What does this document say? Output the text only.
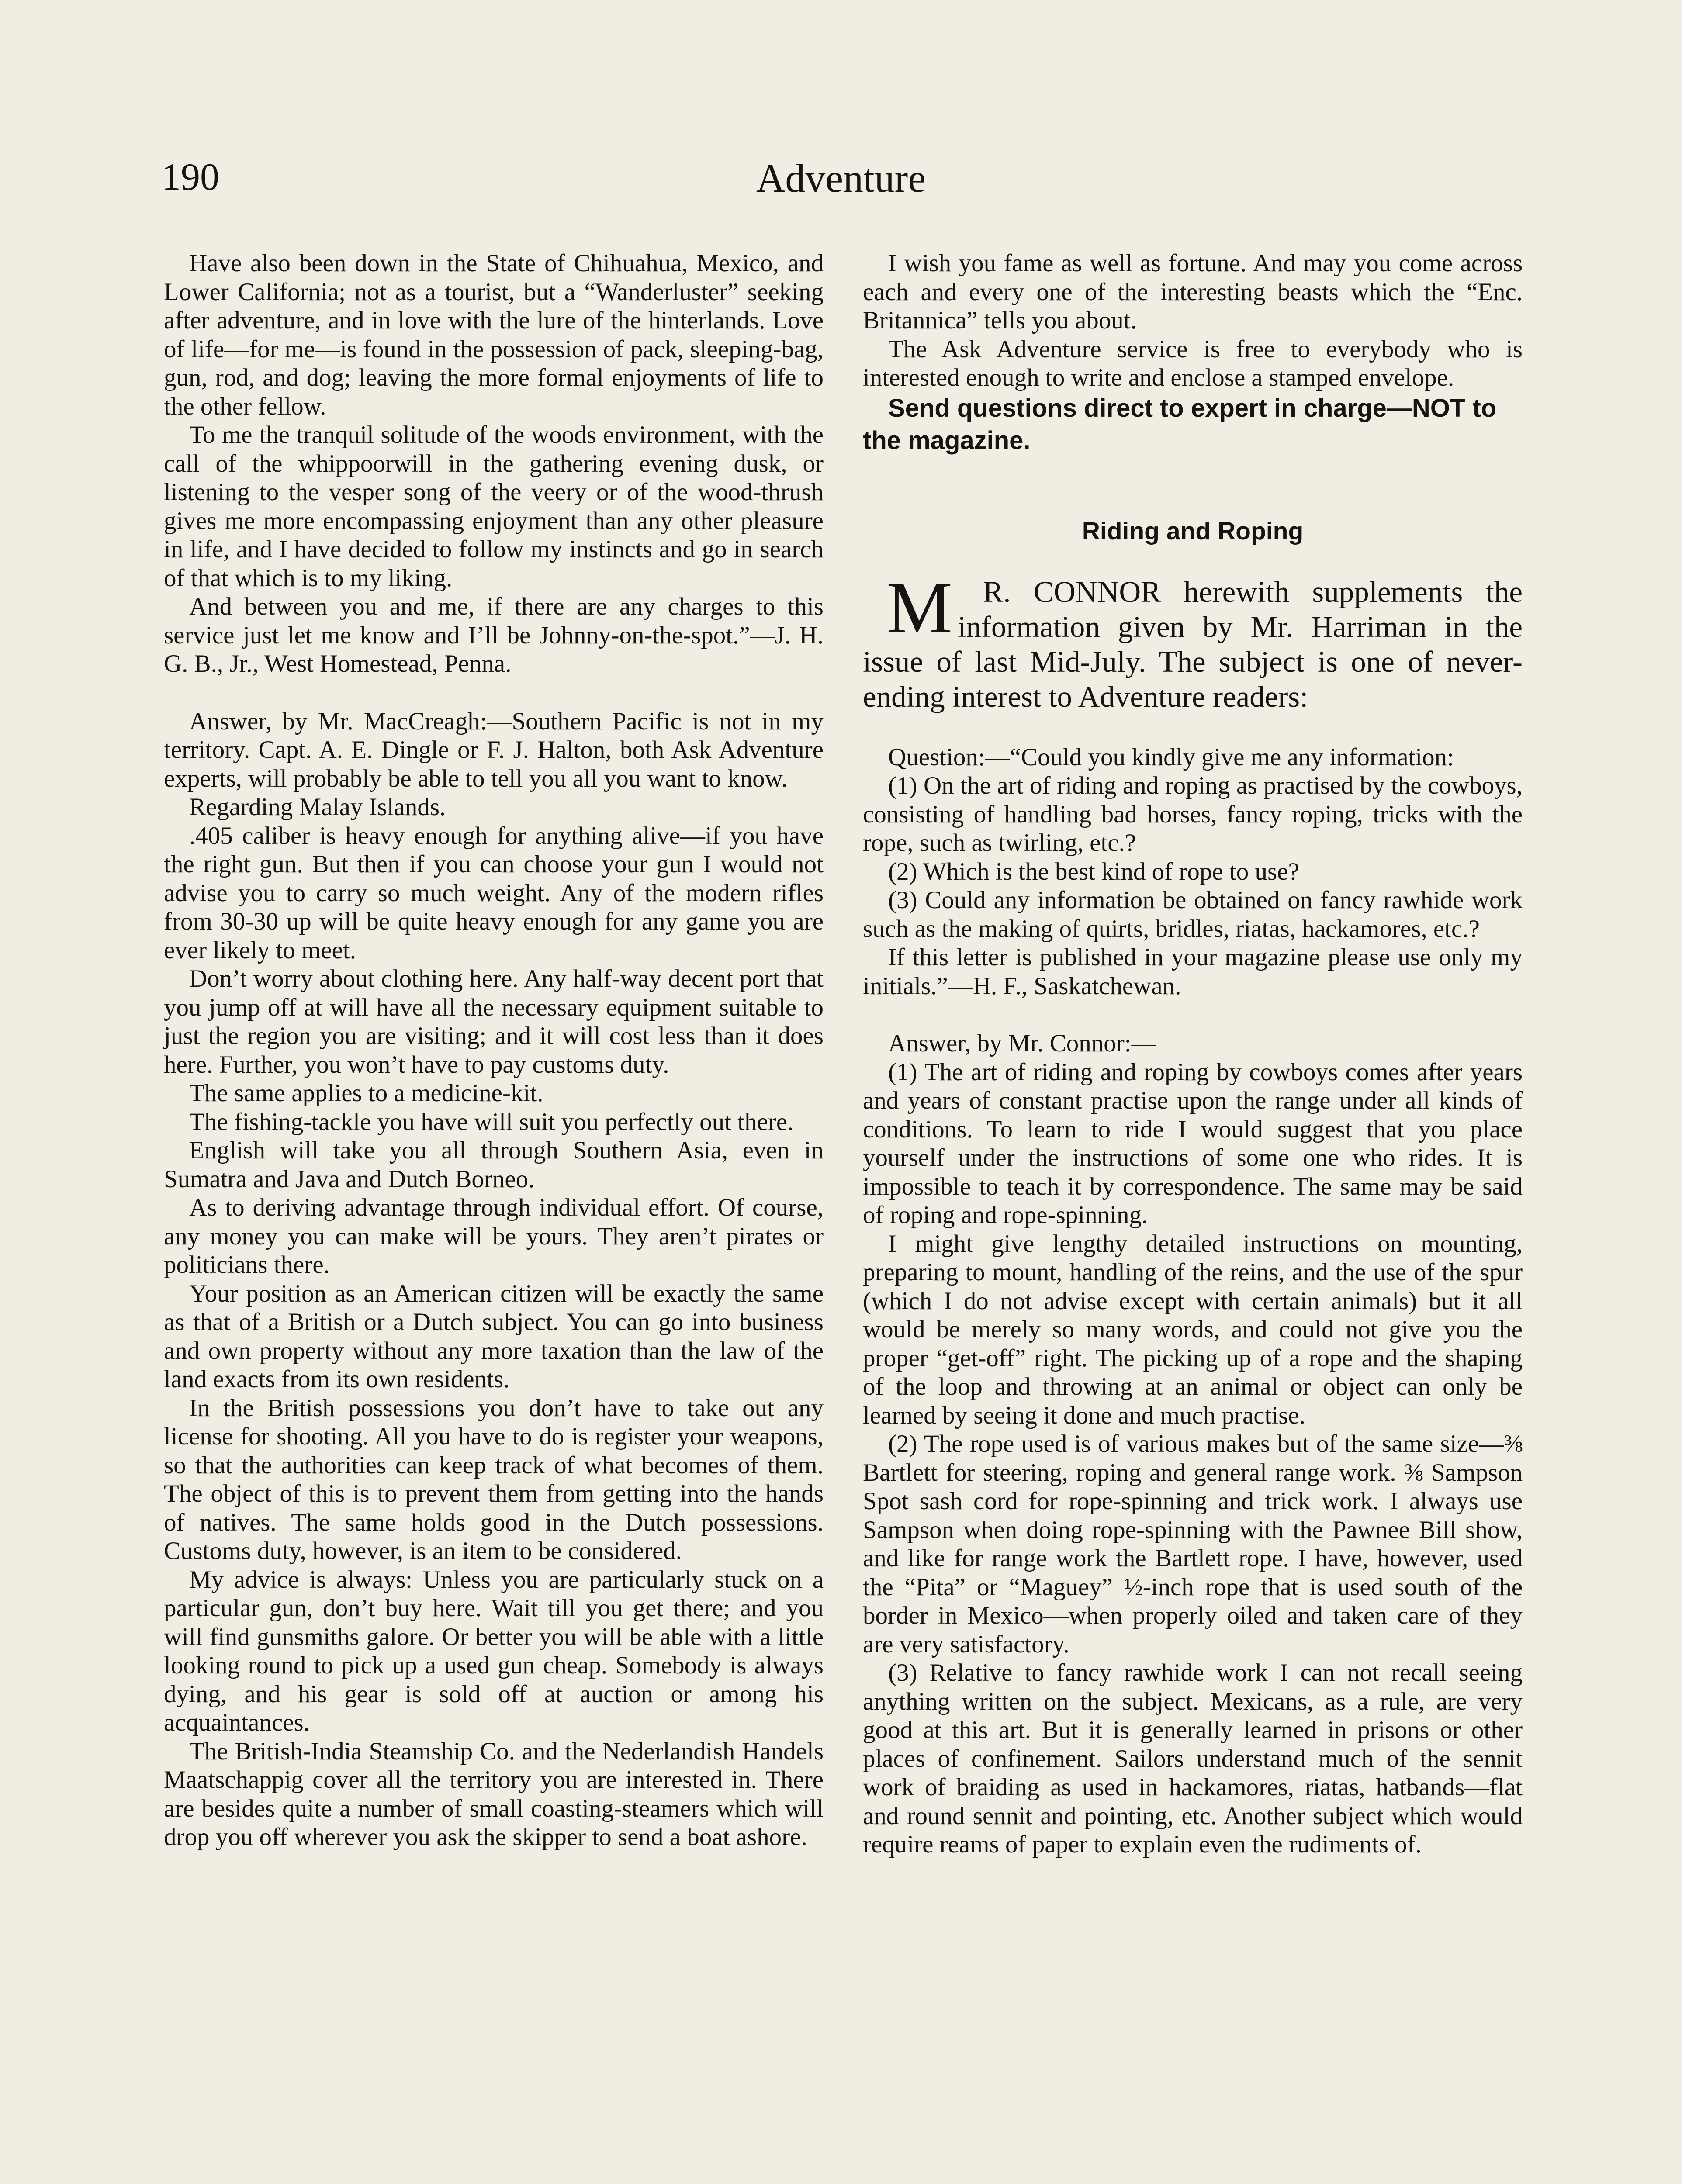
190	Adventure

Have also been down in the State of Chihuahua, Mexico, and Lower California; not as a tourist, but a “Wanderluster” seeking after adventure, and in love with the lure of the hinterlands. Love of life—for me—is found in the possession of pack, sleeping-bag, gun, rod, and dog; leaving the more formal enjoyments of life to the other fellow.

To me the tranquil solitude of the woods environment, with the call of the whippoorwill in the gathering evening dusk, or listening to the vesper song of the veery or of the wood-thrush gives me more encompassing enjoyment than any other pleasure in life, and I have decided to follow my instincts and go in search of that which is to my liking.

And between you and me, if there are any charges to this service just let me know and I’ll be Johnny-on-the-spot.”—J. H. G. B., Jr., West Homestead, Penna.

Answer, by Mr. MacCreagh:—Southern Pacific is not in my territory. Capt. A. E. Dingle or F. J. Halton, both Ask Adventure experts, will probably be able to tell you all you want to know.

Regarding Malay Islands.

.405 caliber is heavy enough for anything alive—if you have the right gun. But then if you can choose your gun I would not advise you to carry so much weight. Any of the modern rifles from 30-30 up will be quite heavy enough for any game you are ever likely to meet.

Don’t worry about clothing here. Any half-way decent port that you jump off at will have all the necessary equipment suitable to just the region you are visiting; and it will cost less than it does here. Further, you won’t have to pay customs duty.

The same applies to a medicine-kit.

The fishing-tackle you have will suit you perfectly out there.

English will take you all through Southern Asia, even in Sumatra and Java and Dutch Borneo.

As to deriving advantage through individual effort. Of course, any money you can make will be yours. They aren’t pirates or politicians there.

Your position as an American citizen will be exactly the same as that of a British or a Dutch subject. You can go into business and own property without any more taxation than the law of the land exacts from its own residents.

In the British possessions you don’t have to take out any license for shooting. All you have to do is register your weapons, so that the authorities can keep track of what becomes of them. The object of this is to prevent them from getting into the hands of natives. The same holds good in the Dutch possessions. Customs duty, however, is an item to be considered.

My advice is always: Unless you are particularly stuck on a particular gun, don’t buy here. Wait till you get there; and you will find gunsmiths galore. Or better you will be able with a little looking round to pick up a used gun cheap. Somebody is always dying, and his gear is sold off at auction or among his acquaintances.

The British-India Steamship Co. and the Nederlandish Handels Maatschappig cover all the territory you are interested in. There are besides quite a number of small coasting-steamers which will drop you off wherever you ask the skipper to send a boat ashore.

I wish you fame as well as fortune. And may you come across each and every one of the interesting beasts which the “Enc. Britannica” tells you about.

The Ask Adventure service is free to everybody who is interested enough to write and enclose a stamped envelope.

Send questions direct to expert in charge—NOT to the magazine.

Riding and Roping

M R. CONNOR herewith supplements the information given by Mr. Harriman in the issue of last Mid-July. The subject is one of never-ending interest to Adventure readers:

Question:—“Could you kindly give me any information:

(1) On the art of riding and roping as practised by the cowboys, consisting of handling bad horses, fancy roping, tricks with the rope, such as twirling, etc.?

(2) Which is the best kind of rope to use?

(3) Could any information be obtained on fancy rawhide work such as the making of quirts, bridles, riatas, hackamores, etc.?

If this letter is published in your magazine please use only my initials.”—H. F., Saskatchewan.

Answer, by Mr. Connor:—

(1) The art of riding and roping by cowboys comes after years and years of constant practise upon the range under all kinds of conditions. To learn to ride I would suggest that you place yourself under the instructions of some one who rides. It is impossible to teach it by correspondence. The same may be said of roping and rope-spinning.

I might give lengthy detailed instructions on mounting, preparing to mount, handling of the reins, and the use of the spur (which I do not advise except with certain animals) but it all would be merely so many words, and could not give you the proper “get-off” right. The picking up of a rope and the shaping of the loop and throwing at an animal or object can only be learned by seeing it done and much practise.

(2) The rope used is of various makes but of the same size—⅜ Bartlett for steering, roping and general range work. ⅜ Sampson Spot sash cord for rope-spinning and trick work. I always use Sampson when doing rope-spinning with the Pawnee Bill show, and like for range work the Bartlett rope. I have, however, used the “Pita” or “Maguey” ½-inch rope that is used south of the border in Mexico—when properly oiled and taken care of they are very satisfactory.

(3) Relative to fancy rawhide work I can not recall seeing anything written on the subject. Mexicans, as a rule, are very good at this art. But it is generally learned in prisons or other places of confinement. Sailors understand much of the sennit work of braiding as used in hackamores, riatas, hatbands—flat and round sennit and pointing, etc. Another subject which would require reams of paper to explain even the rudiments of.
